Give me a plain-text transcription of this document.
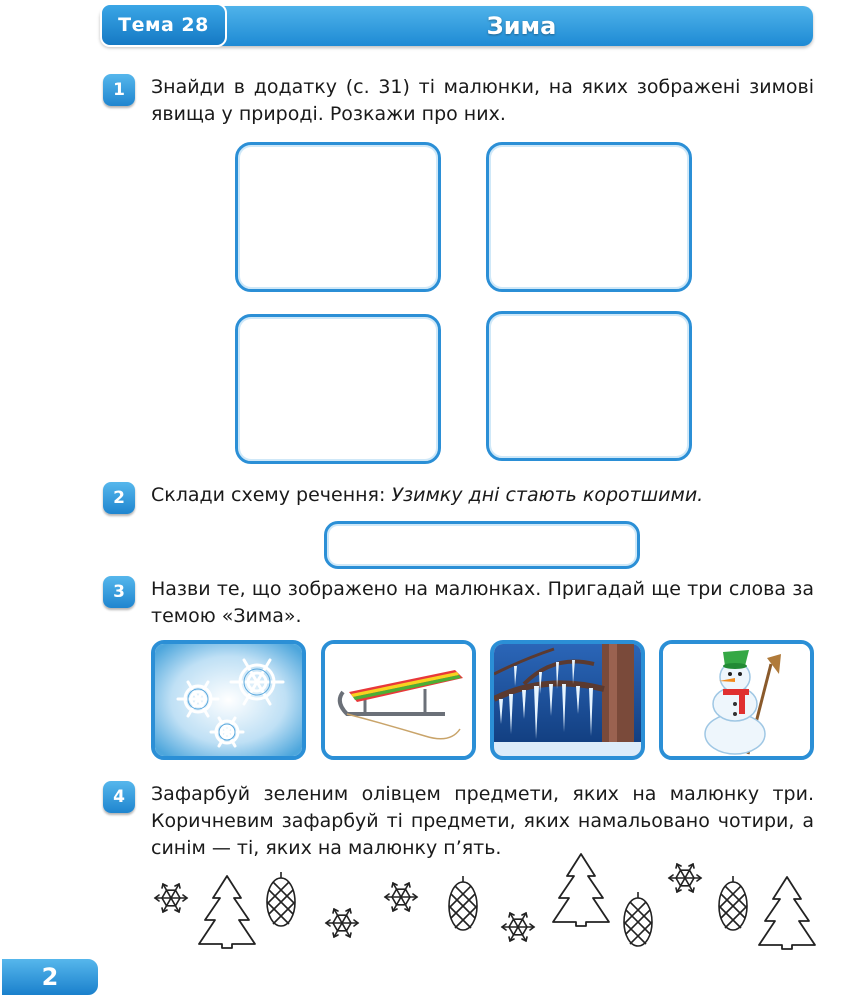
Тема 28	Зима
1	Знайди в додатку (с. 31) ті малюнки, на яких зображені зимові явища у природі. Розкажи про них.
2	Склади схему речення: Узимку дні стають коротшими.
3	Назви те, що зображено на малюнках. Пригадай ще три слова за темою «Зима».
4	Зафарбуй зеленим олівцем предмети, яких на малюнку три. Коричневим зафарбуй ті предмети, яких намальовано чотири, а синім — ті, яких на малюнку п’ять.
2
